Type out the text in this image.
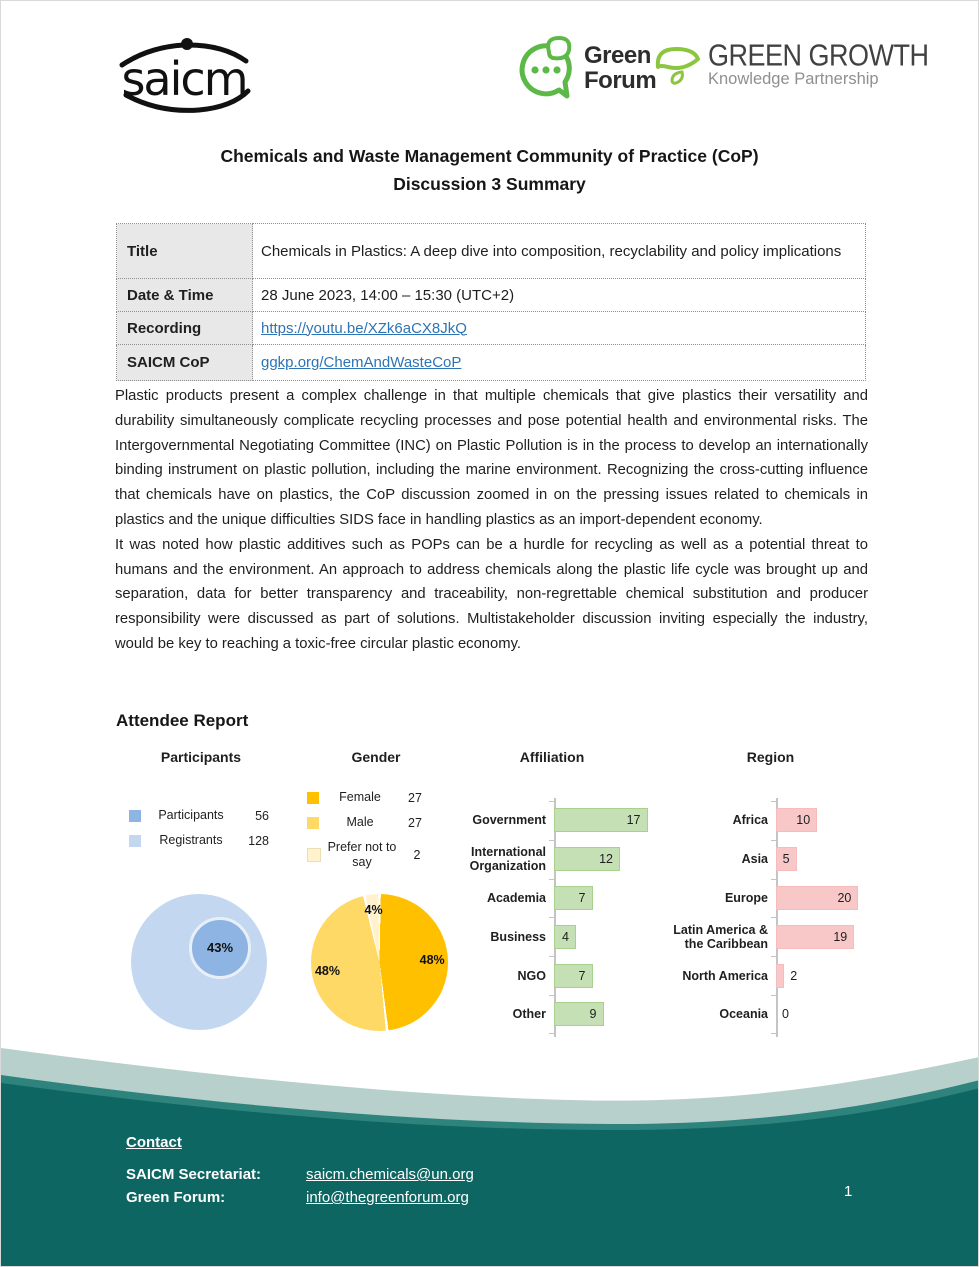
saicm	Green
Forum
GREEN GROWTH
Knowledge Partnership
Chemicals and Waste Management Community of Practice (CoP)
Discussion 3 Summary
Title	Chemicals in Plastics: A deep dive into composition, recyclability and policy implications
Date & Time	28 June 2023, 14:00 – 15:30 (UTC+2)
Recording	https://youtu.be/XZk6aCX8JkQ
SAICM CoP	ggkp.org/ChemAndWasteCoP

Plastic products present a complex challenge in that multiple chemicals that give plastics their versatility and durability simultaneously complicate recycling processes and pose potential health and environmental risks. The Intergovernmental Negotiating Committee (INC) on Plastic Pollution is in the process to develop an internationally binding instrument on plastic pollution, including the marine environment. Recognizing the cross-cutting influence that chemicals have on plastics, the CoP discussion zoomed in on the pressing issues related to chemicals in plastics and the unique difficulties SIDS face in handling plastics as an import-dependent economy.

It was noted how plastic additives such as POPs can be a hurdle for recycling as well as a potential threat to humans and the environment. An approach to address chemicals along the plastic life cycle was brought up and separation, data for better transparency and traceability, non-regrettable chemical substitution and producer responsibility were discussed as part of solutions. Multistakeholder discussion inviting especially the industry, would be key to reaching a toxic-free circular plastic economy.

Attendee Report
Participants
Participants	56
Registrants	128
43%
Gender
Female	27
Male	27
Prefer not to say	2
48%
48%
4%
Affiliation
Government	17
International Organization	12
Academia	7
Business	4
NGO	7
Other	9
Region
Africa	10
Asia	5
Europe	20
Latin America & the Caribbean	19
North America	2
Oceania	0
Contact
SAICM Secretariat:	saicm.chemicals@un.org
Green Forum:	info@thegreenforum.org	1
